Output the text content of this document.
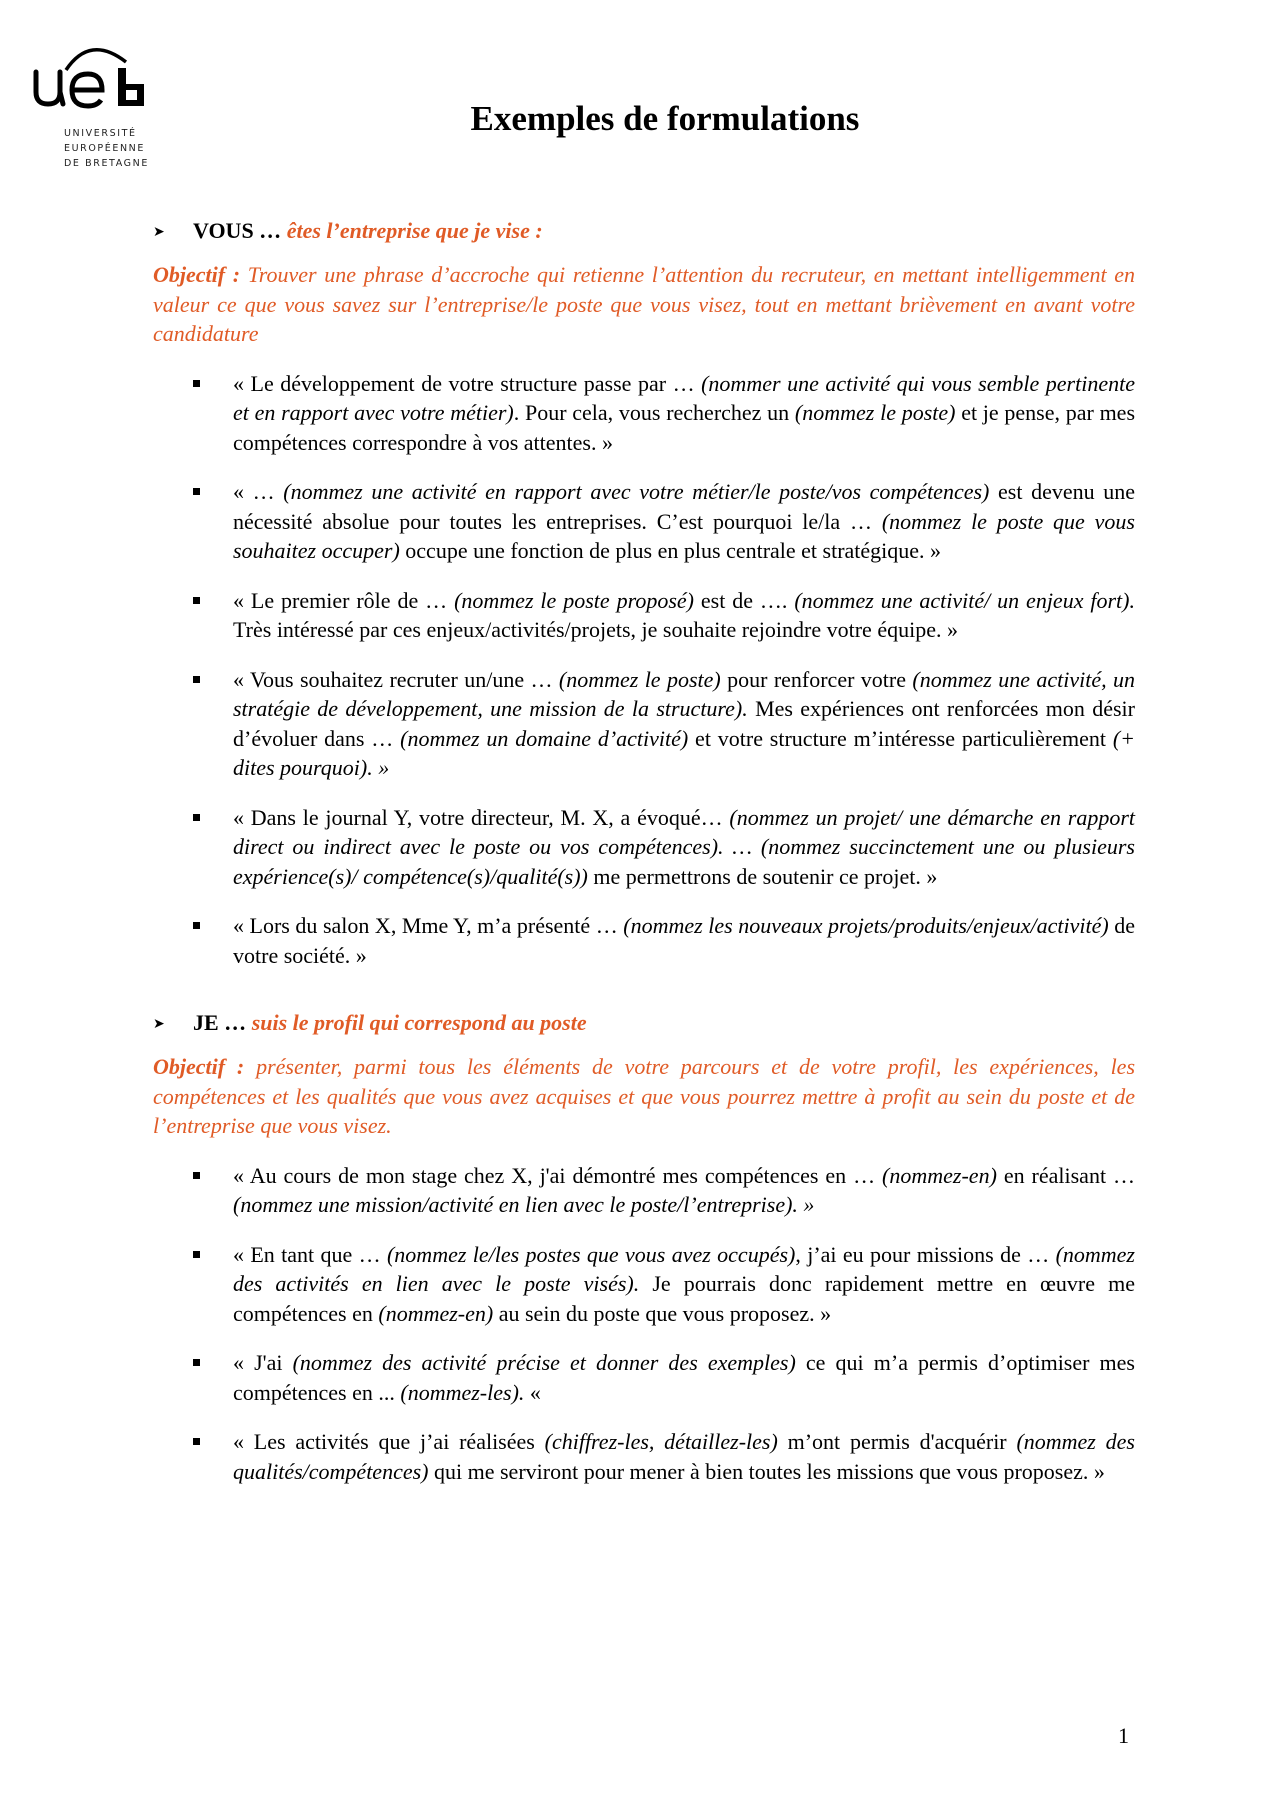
UNIVERSITÉ
EUROPÉENNE
DE BRETAGNE
Exemples de formulations
➤ VOUS … êtes l’entreprise que je vise :
Objectif : Trouver une phrase d’accroche qui retienne l’attention du recruteur, en mettant intelligemment en valeur ce que vous savez sur l’entreprise/le poste que vous visez, tout en mettant brièvement en avant votre candidature
« Le développement de votre structure passe par … (nommer une activité qui vous semble pertinente et en rapport avec votre métier). Pour cela, vous recherchez un (nommez le poste) et je pense, par mes compétences correspondre à vos attentes. »
« … (nommez une activité en rapport avec votre métier/le poste/vos compétences) est devenu une nécessité absolue pour toutes les entreprises. C’est pourquoi le/la … (nommez le poste que vous souhaitez occuper) occupe une fonction de plus en plus centrale et stratégique. »
« Le premier rôle de … (nommez le poste proposé) est de …. (nommez une activité/ un enjeux fort). Très intéressé par ces enjeux/activités/projets, je souhaite rejoindre votre équipe. »
« Vous souhaitez recruter un/une … (nommez le poste) pour renforcer votre (nommez une activité, un stratégie de développement, une mission de la structure). Mes expériences ont renforcées mon désir d’évoluer dans … (nommez un domaine d’activité) et votre structure m’intéresse particulièrement (+ dites pourquoi). »
« Dans le journal Y, votre directeur, M. X, a évoqué… (nommez un projet/ une démarche en rapport direct ou indirect avec le poste ou vos compétences). … (nommez succinctement une ou plusieurs expérience(s)/ compétence(s)/qualité(s)) me permettrons de soutenir ce projet. »
« Lors du salon X, Mme Y, m’a présenté … (nommez les nouveaux projets/produits/enjeux/activité) de votre société. »
➤ JE … suis le profil qui correspond au poste
Objectif : présenter, parmi tous les éléments de votre parcours et de votre profil, les expériences, les compétences et les qualités que vous avez acquises et que vous pourrez mettre à profit au sein du poste et de l’entreprise que vous visez.
« Au cours de mon stage chez X, j'ai démontré mes compétences en … (nommez-en) en réalisant … (nommez une mission/activité en lien avec le poste/l’entreprise). »
« En tant que … (nommez le/les postes que vous avez occupés), j’ai eu pour missions de … (nommez des activités en lien avec le poste visés). Je pourrais donc rapidement mettre en œuvre me compétences en (nommez-en) au sein du poste que vous proposez. »
« J'ai (nommez des activité précise et donner des exemples) ce qui m’a permis d’optimiser mes compétences en ... (nommez-les). «
« Les activités que j’ai réalisées (chiffrez-les, détaillez-les) m’ont permis d'acquérir (nommez des qualités/compétences) qui me serviront pour mener à bien toutes les missions que vous proposez. »
1
